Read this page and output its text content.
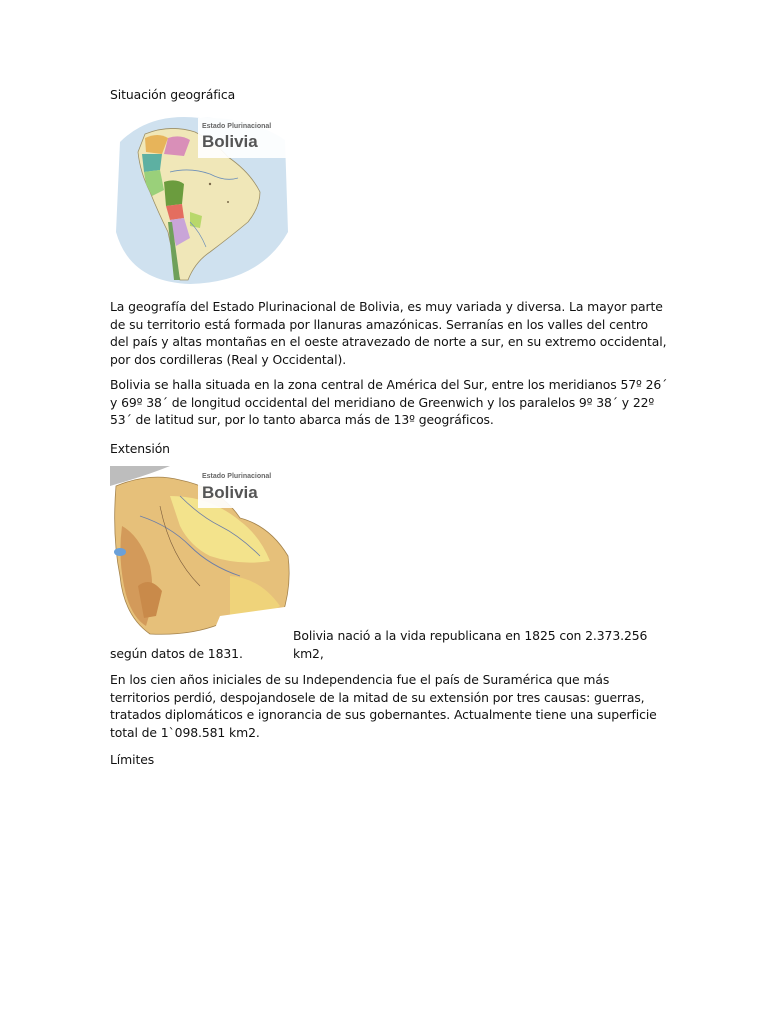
Situación geográfica
Estado Plurinacional
Bolivia
La geografía del Estado Plurinacional de Bolivia, es muy variada y diversa. La mayor parte de su territorio está formada por llanuras amazónicas. Serranías en los valles del centro del país y altas montañas en el oeste atravezado de norte a sur, en su extremo occidental, por dos cordilleras (Real y Occidental).
Bolivia se halla situada en la zona central de América del Sur, entre los meridianos 57º 26´ y 69º 38´ de longitud occidental del meridiano de Greenwich y los paralelos 9º 38´ y 22º 53´ de latitud sur, por lo tanto abarca más de 13º geográficos.
Extensión
Estado Plurinacional
Bolivia
Bolivia nació a la vida republicana en 1825 con 2.373.256 km2,
según datos de 1831.
En los cien años iniciales de su Independencia fue el país de Suramérica que más territorios perdió, despojandosele de la mitad de su extensión por tres causas: guerras, tratados diplomáticos e ignorancia de sus gobernantes. Actualmente tiene una superficie total de 1`098.581 km2.
Límites
